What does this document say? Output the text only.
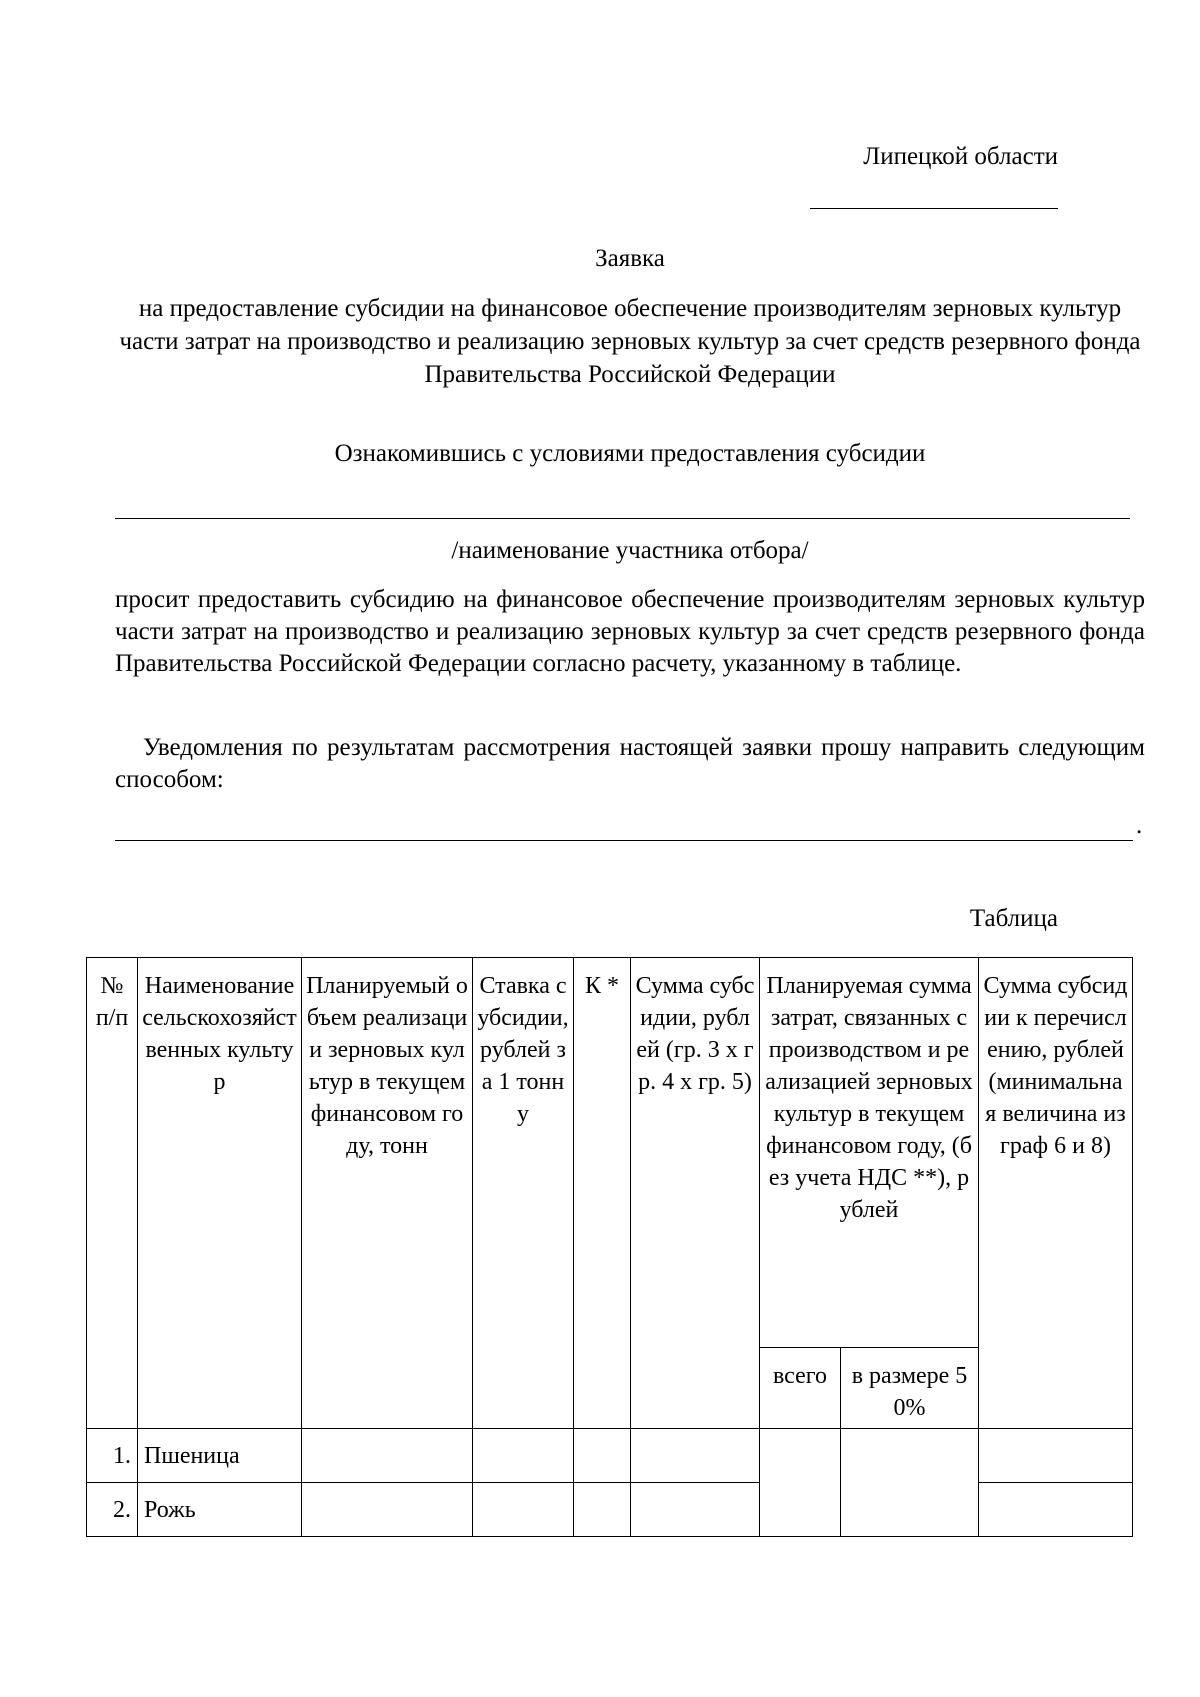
Липецкой области
Заявка
на предоставление субсидии на финансовое обеспечение производителям зерновых культур части затрат на производство и реализацию зерновых культур за счет средств резервного фонда Правительства Российской Федерации
Ознакомившись с условиями предоставления субсидии
/наименование участника отбора/
просит предоставить субсидию на финансовое обеспечение производителям зерновых культур части затрат на производство и реализацию зерновых культур за счет средств резервного фонда Правительства Российской Федерации согласно расчету, указанному в таблице.
Уведомления по результатам рассмотрения настоящей заявки прошу направить следующим способом:
.
Таблица
№ п/п	Наименование сельскохозяйственных культур	Планируемый объем реализации зерновых культур в текущем финансовом году, тонн	Ставка субсидии, рублей за 1 тонну	К *	Сумма субсидии, рублей (гр. 3 х гр. 4 х гр. 5)	Планируемая сумма затрат, связанных с производством и реализацией зерновых культур в текущем финансовом году, (без учета НДС **), рублей		Сумма субсидии к перечислению, рублей (минимальная величина из граф 6 и 8)
						всего	в размере 50%	
1.	Пшеница							
2.	Рожь							
